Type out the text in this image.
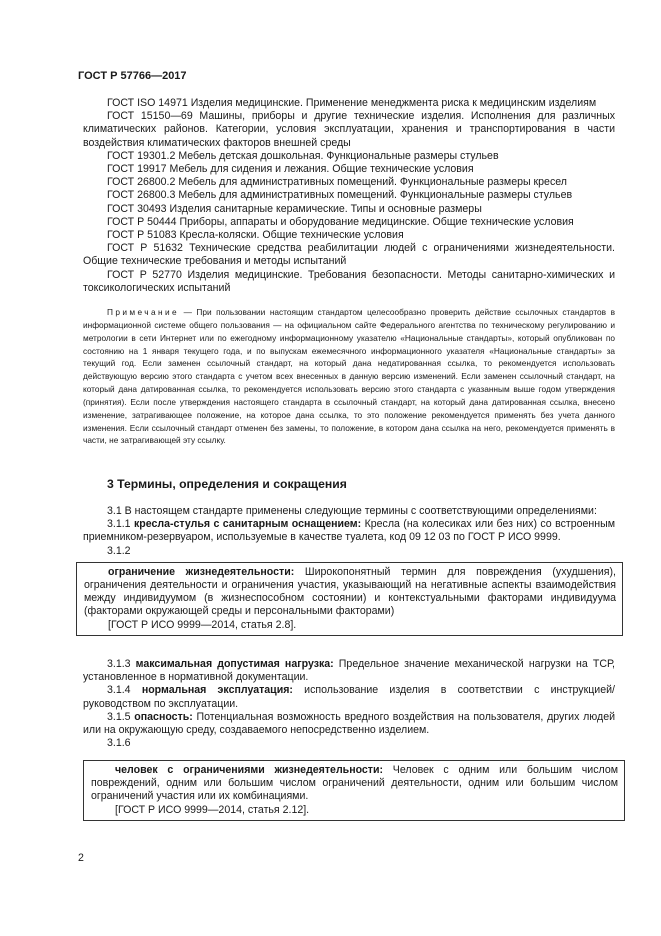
ГОСТ Р 57766—2017

ГОСТ ISO 14971 Изделия медицинские. Применение менеджмента риска к медицинским изделиям

ГОСТ 15150—69 Машины, приборы и другие технические изделия. Исполнения для различных климатических районов. Категории, условия эксплуатации, хранения и транспортирования в части воздействия климатических факторов внешней среды

ГОСТ 19301.2 Мебель детская дошкольная. Функциональные размеры стульев

ГОСТ 19917 Мебель для сидения и лежания. Общие технические условия

ГОСТ 26800.2 Мебель для административных помещений. Функциональные размеры кресел

ГОСТ 26800.3 Мебель для административных помещений. Функциональные размеры стульев

ГОСТ 30493 Изделия санитарные керамические. Типы и основные размеры

ГОСТ Р 50444 Приборы, аппараты и оборудование медицинские. Общие технические условия

ГОСТ Р 51083 Кресла-коляски. Общие технические условия

ГОСТ Р 51632 Технические средства реабилитации людей с ограничениями жизнедеятельности. Общие технические требования и методы испытаний

ГОСТ Р 52770 Изделия медицинские. Требования безопасности. Методы санитарно-химических и токсикологических испытаний

Примечание — При пользовании настоящим стандартом целесообразно проверить действие ссылочных стандартов в информационной системе общего пользования — на официальном сайте Федерального агентства по техническому регулированию и метрологии в сети Интернет или по ежегодному информационному указателю «Национальные стандарты», который опубликован по состоянию на 1 января текущего года, и по выпускам ежемесячного информационного указателя «Национальные стандарты» за текущий год. Если заменен ссылочный стандарт, на который дана недатированная ссылка, то рекомендуется использовать действующую версию этого стандарта с учетом всех внесенных в данную версию изменений. Если заменен ссылочный стандарт, на который дана датированная ссылка, то рекомендуется использовать версию этого стандарта с указанным выше годом утверждения (принятия). Если после утверждения настоящего стандарта в ссылочный стандарт, на который дана датированная ссылка, внесено изменение, затрагивающее положение, на которое дана ссылка, то это положение рекомендуется применять без учета данного изменения. Если ссылочный стандарт отменен без замены, то положение, в котором дана ссылка на него, рекомендуется применять в части, не затрагивающей эту ссылку.

3 Термины, определения и сокращения

3.1 В настоящем стандарте применены следующие термины с соответствующими определениями:

3.1.1 кресла-стулья с санитарным оснащением: Кресла (на колесиках или без них) со встроенным приемником-резервуаром, используемые в качестве туалета, код 09 12 03 по ГОСТ Р ИСО 9999.

3.1.2

ограничение жизнедеятельности: Широкопонятный термин для повреждения (ухудшения), ограничения деятельности и ограничения участия, указывающий на негативные аспекты взаимодействия между индивидуумом (в жизнеспособном состоянии) и контекстуальными факторами индивидуума (факторами окружающей среды и персональными факторами)

[ГОСТ Р ИСО 9999—2014, статья 2.8].

3.1.3 максимальная допустимая нагрузка: Предельное значение механической нагрузки на ТСР, установленное в нормативной документации.

3.1.4 нормальная эксплуатация: использование изделия в соответствии с инструкцией/руководством по эксплуатации.

3.1.5 опасность: Потенциальная возможность вредного воздействия на пользователя, других людей или на окружающую среду, создаваемого непосредственно изделием.

3.1.6

человек с ограничениями жизнедеятельности: Человек с одним или большим числом повреждений, одним или большим числом ограничений деятельности, одним или большим числом ограничений участия или их комбинациями.

[ГОСТ Р ИСО 9999—2014, статья 2.12].

2
